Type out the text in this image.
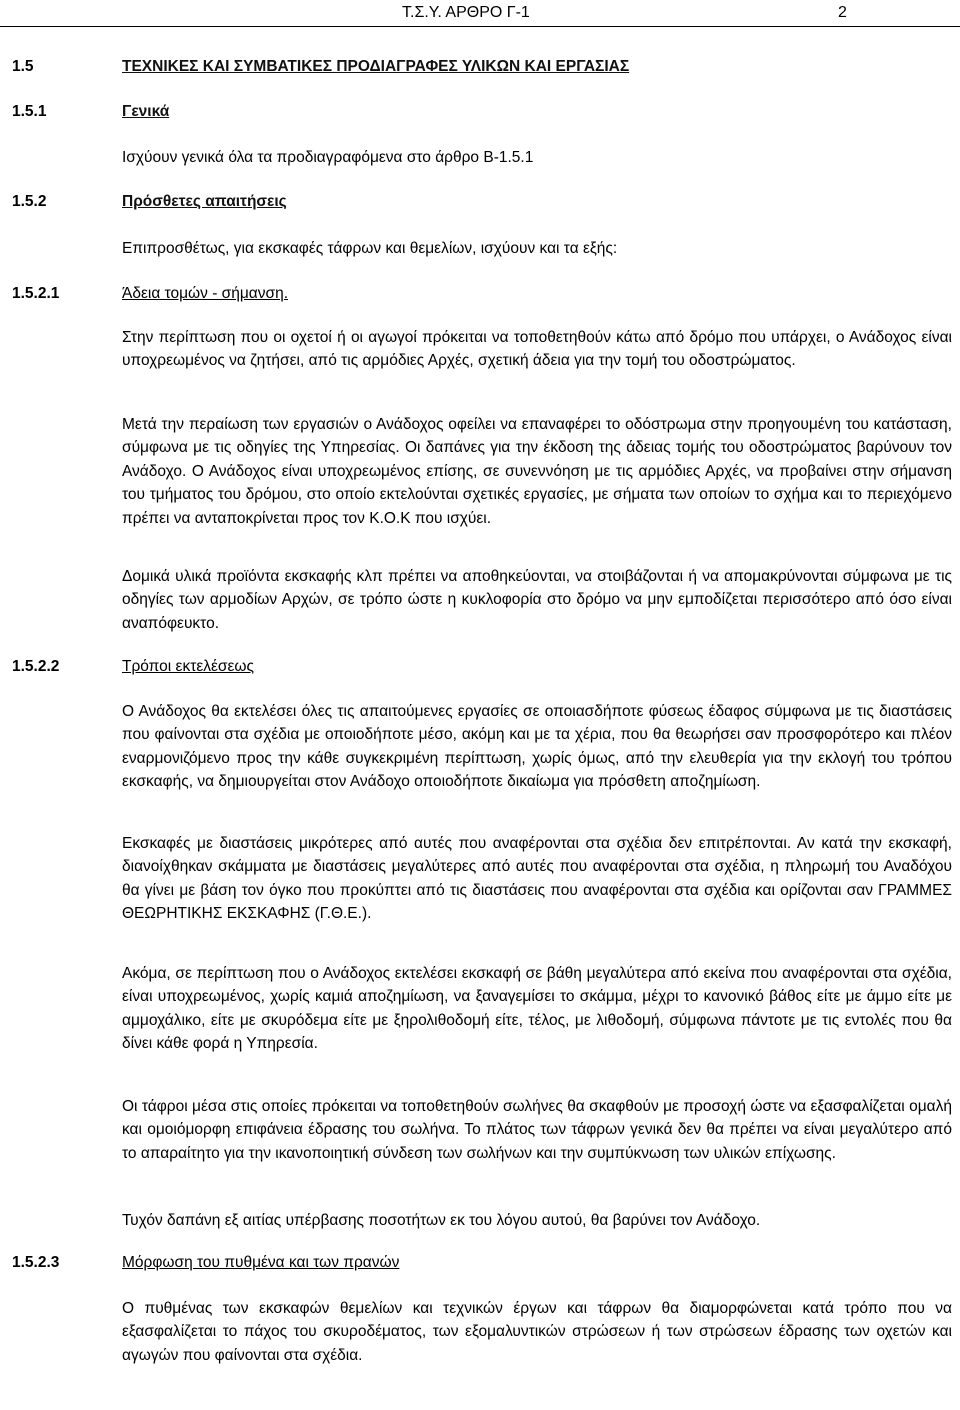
Τ.Σ.Υ. ΑΡΘΡΟ Γ-1	2
1.5	ΤΕΧΝΙΚΕΣ ΚΑΙ ΣΥΜΒΑΤΙΚΕΣ ΠΡΟΔΙΑΓΡΑΦΕΣ ΥΛΙΚΩΝ ΚΑΙ ΕΡΓΑΣΙΑΣ
1.5.1	Γενικά
Ισχύουν γενικά όλα τα προδιαγραφόμενα στο άρθρο Β-1.5.1
1.5.2	Πρόσθετες απαιτήσεις
Επιπροσθέτως, για εκσκαφές τάφρων και θεμελίων, ισχύουν και τα εξής:
1.5.2.1	Άδεια τομών - σήμανση.
Στην περίπτωση που οι οχετοί ή οι αγωγοί πρόκειται να τοποθετηθούν κάτω από δρόμο που υπάρχει, ο Ανάδοχος είναι υποχρεωμένος να ζητήσει, από τις αρμόδιες Αρχές, σχετική άδεια για την τομή του οδοστρώματος.
Μετά την περαίωση των εργασιών ο Ανάδοχος οφείλει να επαναφέρει το οδόστρωμα στην προηγουμένη του κατάσταση, σύμφωνα με τις οδηγίες της Υπηρεσίας. Οι δαπάνες για την έκδοση της άδειας τομής του οδοστρώματος βαρύνουν τον Ανάδοχο. Ο Ανάδοχος είναι υποχρεωμένος επίσης, σε συνεννόηση με τις αρμόδιες Αρχές, να προβαίνει στην σήμανση του τμήματος του δρόμου, στο οποίο εκτελούνται σχετικές εργασίες, με σήματα των οποίων το σχήμα και το περιεχόμενο πρέπει να ανταποκρίνεται προς τον Κ.Ο.Κ που ισχύει.
Δομικά υλικά προϊόντα εκσκαφής κλπ πρέπει να αποθηκεύονται, να στοιβάζονται ή να απομακρύνονται σύμφωνα με τις οδηγίες των αρμοδίων Αρχών, σε τρόπο ώστε η κυκλοφορία στο δρόμο να μην εμποδίζεται περισσότερο από όσο είναι αναπόφευκτο.
1.5.2.2	Τρόποι εκτελέσεως
Ο Ανάδοχος θα εκτελέσει όλες τις απαιτούμενες εργασίες σε οποιασδήποτε φύσεως έδαφος σύμφωνα με τις διαστάσεις που φαίνονται στα σχέδια με οποιοδήποτε μέσο, ακόμη και με τα χέρια, που θα θεωρήσει σαν προσφορότερο και πλέον εναρμονιζόμενο προς την κάθε συγκεκριμένη περίπτωση, χωρίς όμως, από την ελευθερία για την εκλογή του τρόπου εκσκαφής, να δημιουργείται στον Ανάδοχο οποιοδήποτε δικαίωμα για πρόσθετη αποζημίωση.
Εκσκαφές με διαστάσεις μικρότερες από αυτές που αναφέρονται στα σχέδια δεν επιτρέπονται. Αν κατά την εκσκαφή, διανοίχθηκαν σκάμματα με διαστάσεις μεγαλύτερες από αυτές που αναφέρονται στα σχέδια, η πληρωμή του Αναδόχου θα γίνει με βάση τον όγκο που προκύπτει από τις διαστάσεις που αναφέρονται στα σχέδια και ορίζονται σαν ΓΡΑΜΜΕΣ ΘΕΩΡΗΤΙΚΗΣ ΕΚΣΚΑΦΗΣ (Γ.Θ.Ε.).
Ακόμα, σε περίπτωση που ο Ανάδοχος εκτελέσει εκσκαφή σε βάθη μεγαλύτερα από εκείνα που αναφέρονται στα σχέδια, είναι υποχρεωμένος, χωρίς καμιά αποζημίωση, να ξαναγεμίσει το σκάμμα, μέχρι το κανονικό βάθος είτε με άμμο είτε με αμμοχάλικο, είτε με σκυρόδεμα είτε με ξηρολιθοδομή είτε, τέλος, με λιθοδομή, σύμφωνα πάντοτε με τις εντολές που θα δίνει κάθε φορά η Υπηρεσία.
Οι τάφροι μέσα στις οποίες πρόκειται να τοποθετηθούν σωλήνες θα σκαφθούν με προσοχή ώστε να εξασφαλίζεται ομαλή και ομοιόμορφη επιφάνεια έδρασης του σωλήνα. Το πλάτος των τάφρων γενικά δεν θα πρέπει να είναι μεγαλύτερο από το απαραίτητο για την ικανοποιητική σύνδεση των σωλήνων και την συμπύκνωση των υλικών επίχωσης.
Τυχόν δαπάνη εξ αιτίας υπέρβασης ποσοτήτων εκ του λόγου αυτού, θα βαρύνει τον Ανάδοχο.
1.5.2.3	Μόρφωση του πυθμένα και των πρανών
Ο πυθμένας των εκσκαφών θεμελίων και τεχνικών έργων και τάφρων θα διαμορφώνεται κατά τρόπο που να εξασφαλίζεται το πάχος του σκυροδέματος, των εξομαλυντικών στρώσεων ή των στρώσεων έδρασης των οχετών και αγωγών που φαίνονται στα σχέδια.
